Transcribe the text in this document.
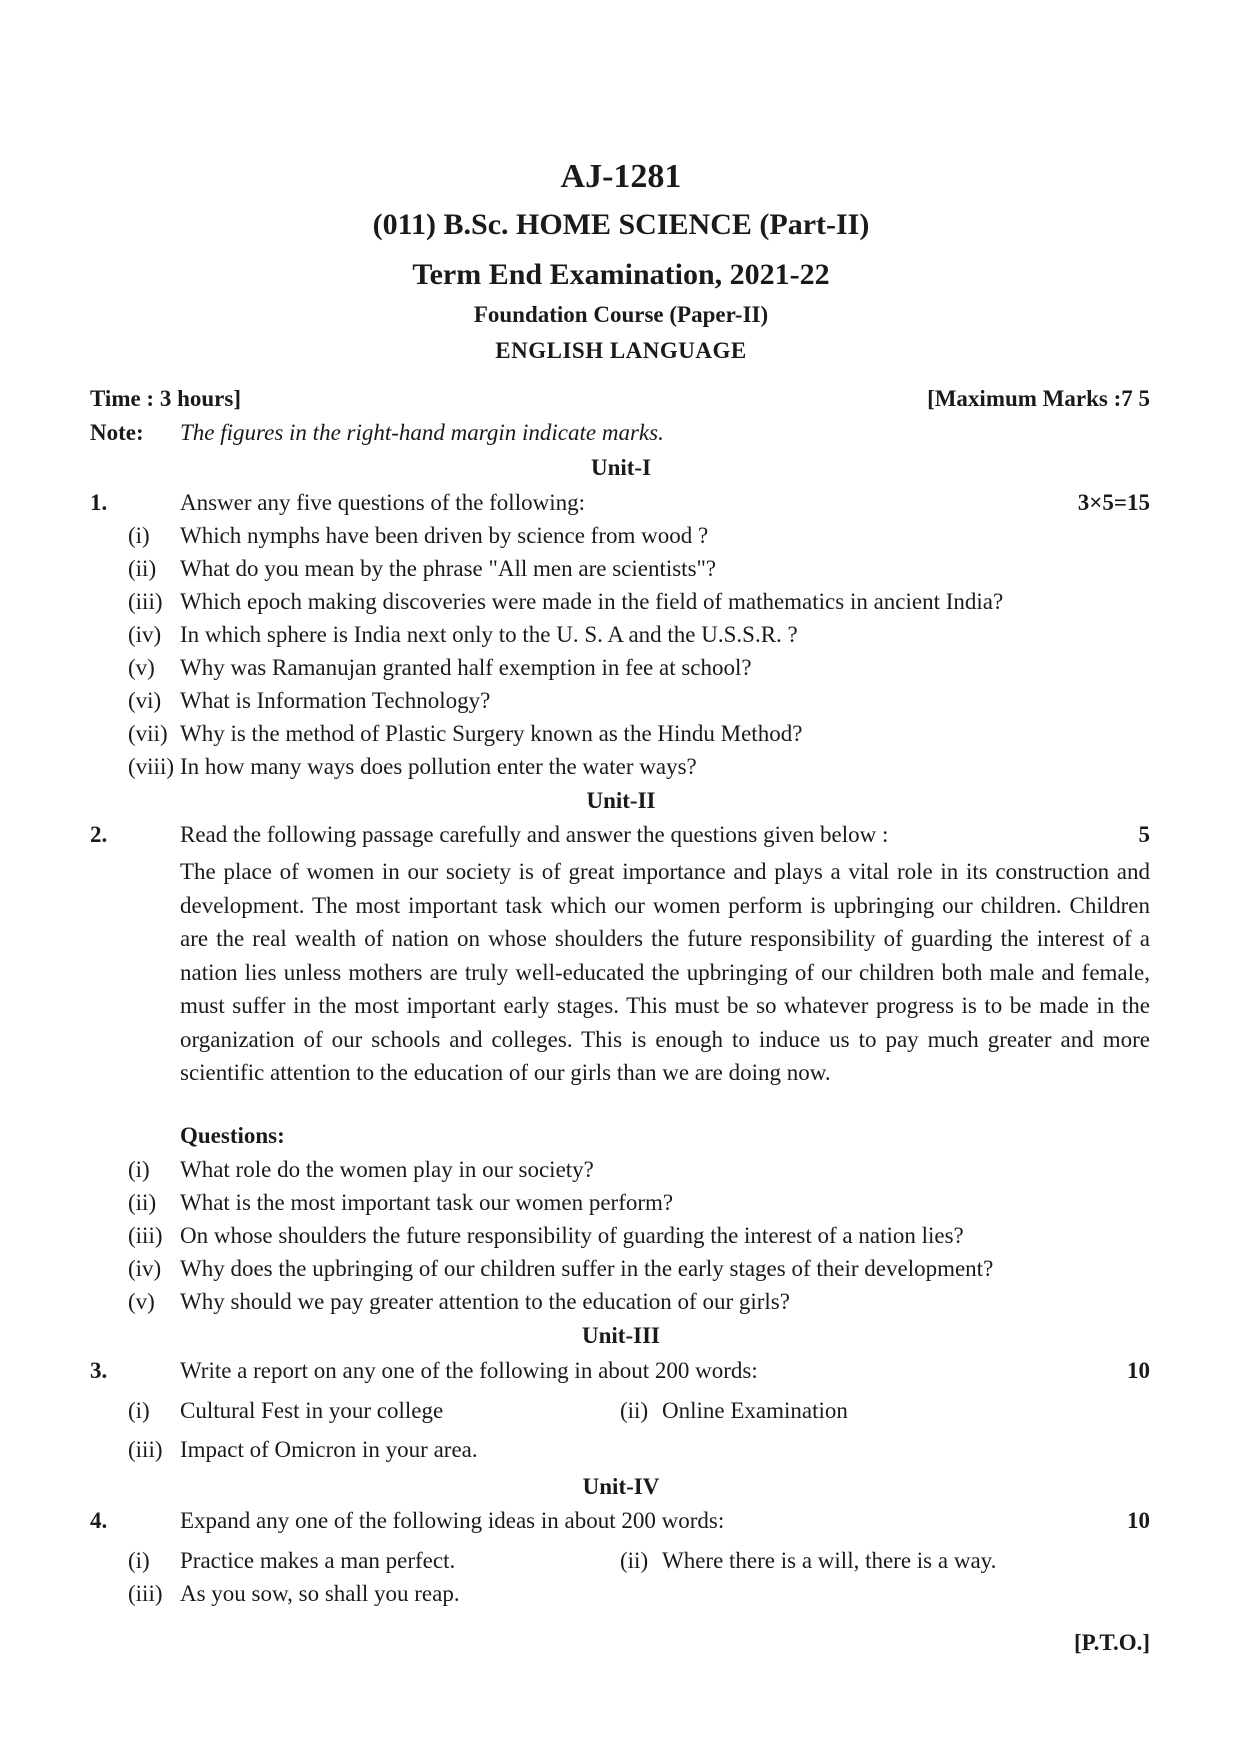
AJ-1281
(011) B.Sc. HOME SCIENCE (Part-II)
Term End Examination, 2021-22
Foundation Course (Paper-II)
ENGLISH LANGUAGE
Time : 3 hours]	[Maximum Marks :7 5
Note: The figures in the right-hand margin indicate marks.
Unit-I
1.	Answer any five questions of the following:	3×5=15
(i) Which nymphs have been driven by science from wood ?
(ii) What do you mean by the phrase "All men are scientists"?
(iii) Which epoch making discoveries were made in the field of mathematics in ancient India?
(iv) In which sphere is India next only to the U. S. A and the U.S.S.R. ?
(v) Why was Ramanujan granted half exemption in fee at school?
(vi) What is Information Technology?
(vii) Why is the method of Plastic Surgery known as the Hindu Method?
(viii) In how many ways does pollution enter the water ways?
Unit-II
2.	Read the following passage carefully and answer the questions given below :	5
The place of women in our society is of great importance and plays a vital role in its construction and development. The most important task which our women perform is upbringing our children. Children are the real wealth of nation on whose shoulders the future responsibility of guarding the interest of a nation lies unless mothers are truly well-educated the upbringing of our children both male and female, must suffer in the most important early stages. This must be so whatever progress is to be made in the organization of our schools and colleges. This is enough to induce us to pay much greater and more scientific attention to the education of our girls than we are doing now.
Questions:
(i) What role do the women play in our society?
(ii) What is the most important task our women perform?
(iii) On whose shoulders the future responsibility of guarding the interest of a nation lies?
(iv) Why does the upbringing of our children suffer in the early stages of their development?
(v) Why should we pay greater attention to the education of our girls?
Unit-III
3.	Write a report on any one of the following in about 200 words:	10
(i) Cultural Fest in your college	(ii) Online Examination
(iii) Impact of Omicron in your area.
Unit-IV
4.	Expand any one of the following ideas in about 200 words:	10
(i) Practice makes a man perfect.	(ii) Where there is a will, there is a way.
(iii) As you sow, so shall you reap.
[P.T.O.]
